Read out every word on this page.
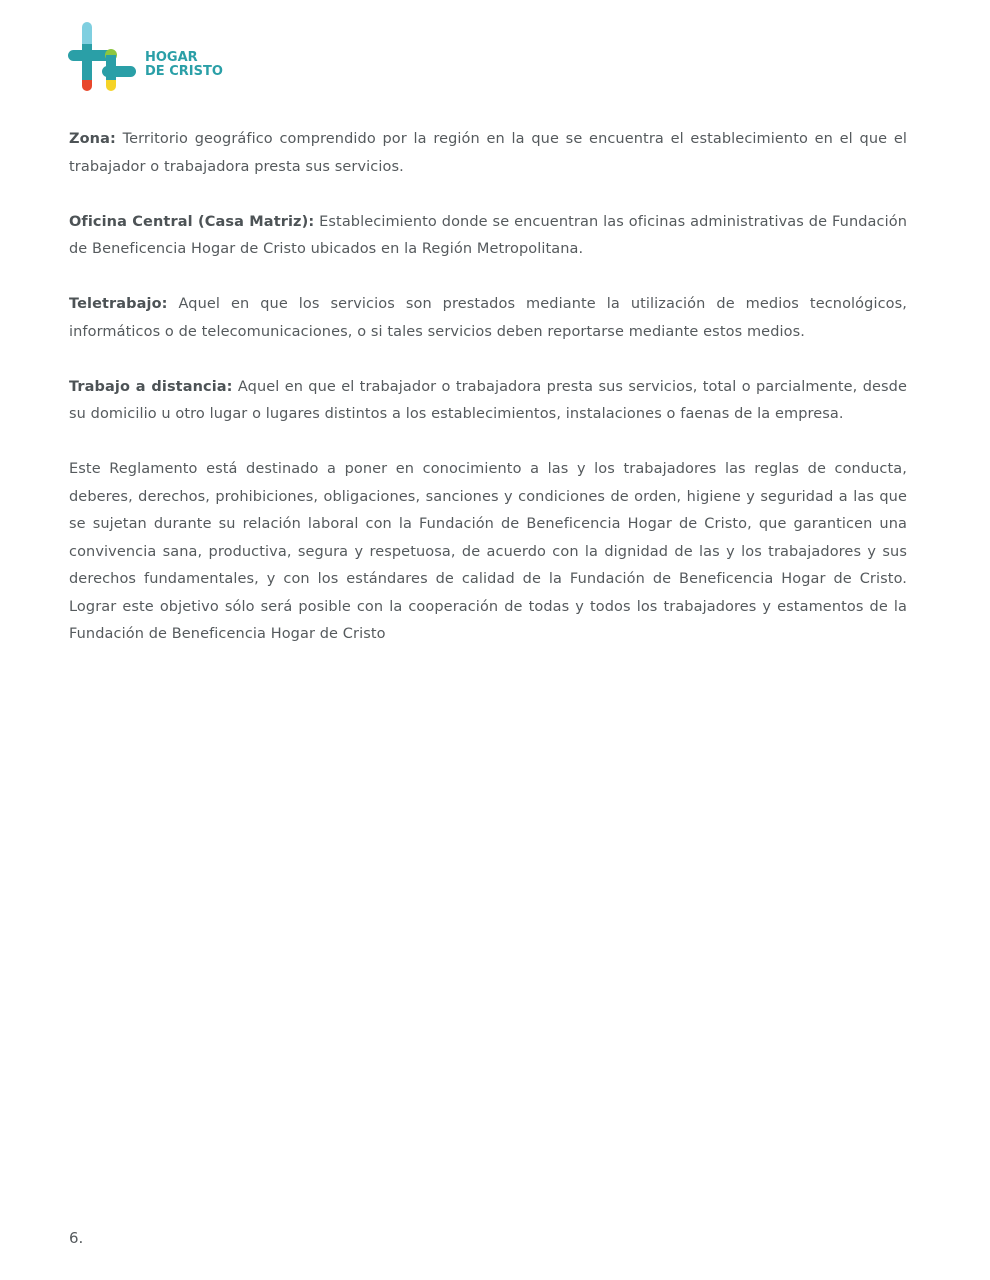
HOGAR
DE CRISTO

Zona: Territorio geográfico comprendido por la región en la que se encuentra el establecimiento en el que el trabajador o trabajadora presta sus servicios.

Oficina Central (Casa Matriz): Establecimiento donde se encuentran las oficinas administrativas de Fundación de Beneficencia Hogar de Cristo ubicados en la Región Metropolitana.

Teletrabajo: Aquel en que los servicios son prestados mediante la utilización de medios tecnológicos, informáticos o de telecomunicaciones, o si tales servicios deben reportarse mediante estos medios.

Trabajo a distancia: Aquel en que el trabajador o trabajadora presta sus servicios, total o parcialmente, desde su domicilio u otro lugar o lugares distintos a los establecimientos, instalaciones o faenas de la empresa.

Este Reglamento está destinado a poner en conocimiento a las y los trabajadores las reglas de conducta, deberes, derechos, prohibiciones, obligaciones, sanciones y condiciones de orden, higiene y seguridad a las que se sujetan durante su relación laboral con la Fundación de Beneficencia Hogar de Cristo, que garanticen una convivencia sana, productiva, segura y respetuosa, de acuerdo con la dignidad de las y los trabajadores y sus derechos fundamentales, y con los estándares de calidad de la Fundación de Beneficencia Hogar de Cristo. Lograr este objetivo sólo será posible con la cooperación de todas y todos los trabajadores y estamentos de la Fundación de Beneficencia Hogar de Cristo

6.
